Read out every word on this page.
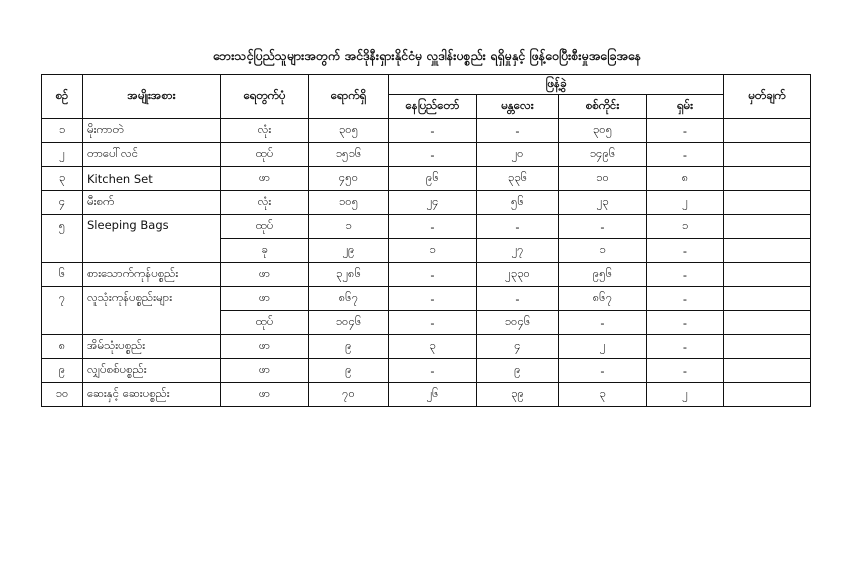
ဘေးသင့်ပြည်သူများအတွက် အင်ဒိုနီးရှားနိုင်ငံမှ လှူဒါန်းပစ္စည်း ရရှိမှုနှင့် ဖြန့်ဝေပြီးစီးမှုအခြေအနေ
စဉ်	အမျိုးအစား	ရေတွက်ပုံ	ရောက်ရှိ	ဖြန့်ခွဲ				မှတ်ချက်
				နေပြည်တော်	မန္တလေး	စစ်ကိုင်း	ရှမ်း	
၁	မိုးကာတဲ	လုံး	၃၀၅	-	-	၃၀၅	-	
၂	တာပေါ်လင်	ထုပ်	၁၅၁၆	-	၂၀	၁၄၉၆	-	
၃	Kitchen Set	ဖာ	၄၅၀	၉၆	၃၃၆	၁၀	၈	
၄	မီးစက်	လုံး	၁၀၅	၂၄	၅၆	၂၃	၂	
၅	Sleeping Bags	ထုပ်	၁	-	-	-	၁	
		ခု	၂၉	၁	၂၇	၁	-	
၆	စားသောက်ကုန်ပစ္စည်း	ဖာ	၃၂၈၆	-	၂၃၃၀	၉၅၆	-	
၇	လူသုံးကုန်ပစ္စည်းများ	ဖာ	၈၆၇	-	-	၈၆၇	-	
		ထုပ်	၁၀၄၆	-	၁၀၄၆	-	-	
၈	အိမ်သုံးပစ္စည်း	ဖာ	၉	၃	၄	၂	-	
၉	လျှပ်စစ်ပစ္စည်း	ဖာ	၉	-	၉	-	-	
၁၀	ဆေးနှင့် ဆေးပစ္စည်း	ဖာ	၇၀	၂၆	၃၉	၃	၂	
